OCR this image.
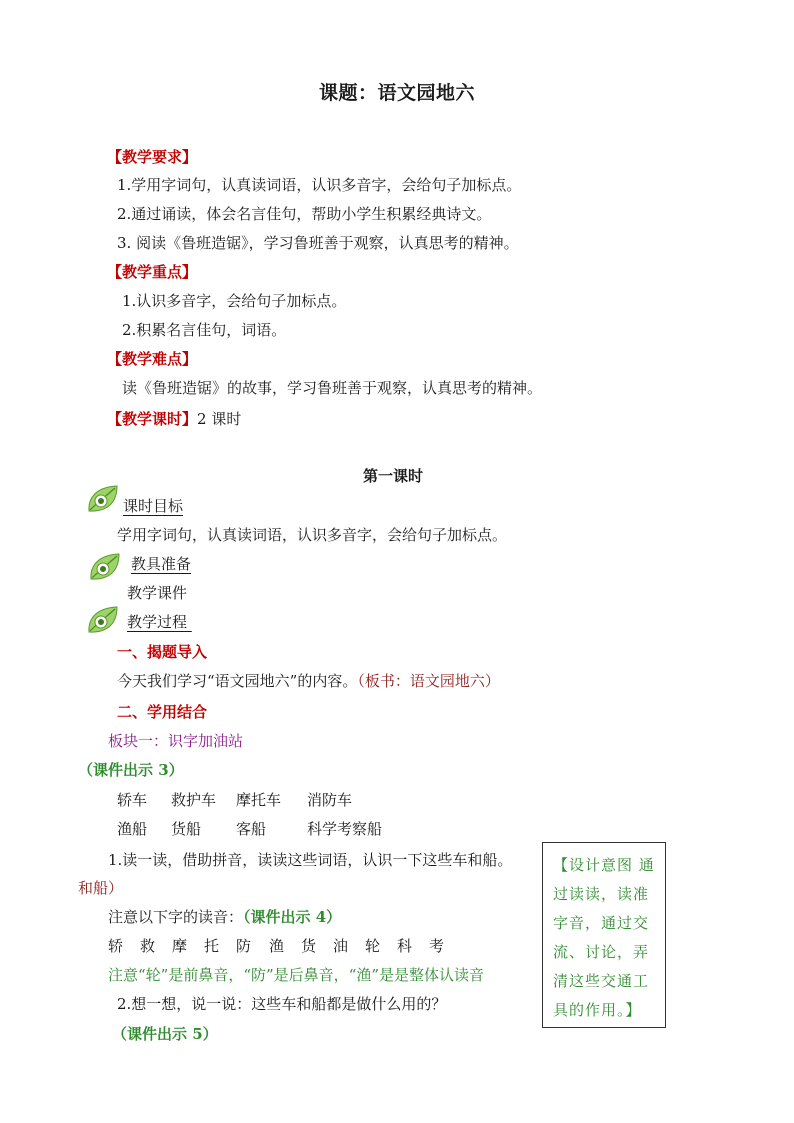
课题：语文园地六
【教学要求】
1.学用字词句，认真读词语，认识多音字，会给句子加标点。
2.通过诵读，体会名言佳句，帮助小学生积累经典诗文。
3. 阅读《鲁班造锯》，学习鲁班善于观察，认真思考的精神。
【教学重点】
1.认识多音字，会给句子加标点。
2.积累名言佳句，词语。
【教学难点】
读《鲁班造锯》的故事，学习鲁班善于观察，认真思考的精神。
【教学课时】2 课时
第一课时
课时目标
学用字词句，认真读词语，认识多音字，会给句子加标点。
教具准备
教学课件
教学过程
一、揭题导入
今天我们学习“语文园地六”的内容。（板书：语文园地六）
二、学用结合
板块一：识字加油站
（课件出示 3）
轿车 救护车 摩托车 消防车
渔船 货船 客船	科学考察船
1.读一读，借助拼音，读读这些词语，认识一下这些车和船。
和船）
注意以下字的读音：（课件出示 4）
轿 救 摩 托 防 渔 货 油 轮 科 考
注意“轮”是前鼻音，“防”是后鼻音，“渔”是是整体认读音
2.想一想，说一说：这些车和船都是做什么用的？
（课件出示 5）
【设计意图 通过读读，读准字音，通过交流、讨论，弄清这些交通工具的作用。】
